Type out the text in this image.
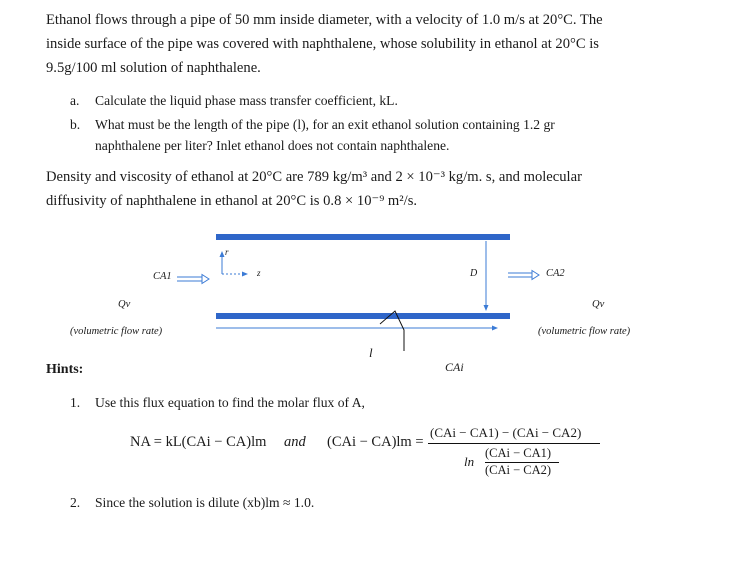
Ethanol flows through a pipe of 50 mm inside diameter, with a velocity of 1.0 m/s at 20°C. The
inside surface of the pipe was covered with naphthalene, whose solubility in ethanol at 20°C is
9.5g/100 ml solution of naphthalene.
a. Calculate the liquid phase mass transfer coefficient, kL.
b. What must be the length of the pipe (l), for an exit ethanol solution containing 1.2 gr
naphthalene per liter? Inlet ethanol does not contain naphthalene.
Density and viscosity of ethanol at 20°C are 789 kg/m³ and 2 × 10⁻³ kg/m. s, and molecular
diffusivity of naphthalene in ethanol at 20°C is 0.8 × 10⁻⁹ m²/s.
CA1	CA2
r
z	D
Qv	Qv
(volumetric flow rate)	(volumetric flow rate)
l
CAi
Hints:
1. Use this flux equation to find the molar flux of A,
NA = kL(CAi − CA)lm and (CAi − CA)lm =
(CAi − CA1) − (CAi − CA2)
ln
(CAi − CA1)
(CAi − CA2)
2. Since the solution is dilute (xb)lm ≈ 1.0.
